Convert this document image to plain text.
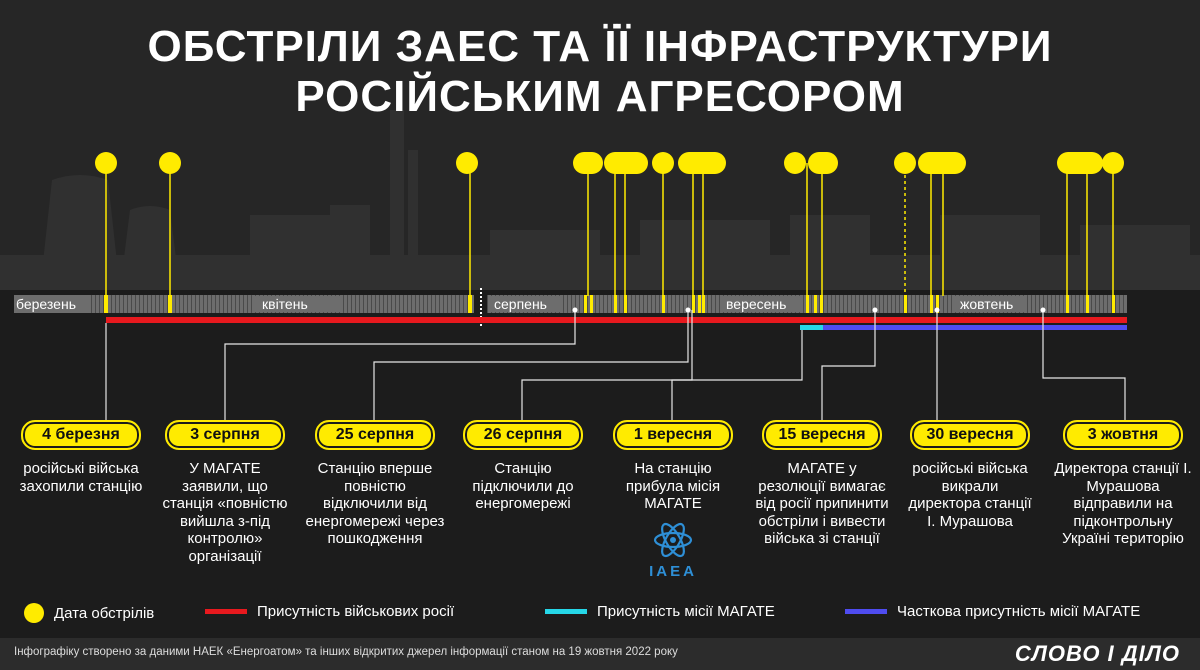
ОБСТРІЛИ ЗАЕС ТА ЇЇ ІНФРАСТРУКТУРИ
РОСІЙСЬКИМ АГРЕСОРОМ
березень	квітень	серпень	вересень	жовтень
4 березня
російські війська захопили станцію
3 серпня
У МАГАТЕ заявили, що станція «повністю вийшла з-під контролю» організації
25 серпня
Станцію вперше повністю відключили від енергомережі через пошкодження
26 серпня
Станцію підключили до енергомережі
1 вересня
На станцію прибула місія МАГАТЕ
IAEA
15 вересня
МАГАТЕ у резолюції вимагає від росії припинити обстріли і вивести війська зі станції
30 вересня
російські війська викрали директора станції І. Мурашова
3 жовтня
Директора станції І. Мурашова відправили на підконтрольну Україні територію
Дата обстрілів	Присутність військових росії	Присутність місії МАГАТЕ	Часткова присутність місії МАГАТЕ
Інфографіку створено за даними НАЕК «Енергоатом» та інших відкритих джерел інформації станом на 19 жовтня 2022 року	СЛОВО І ДІЛО
